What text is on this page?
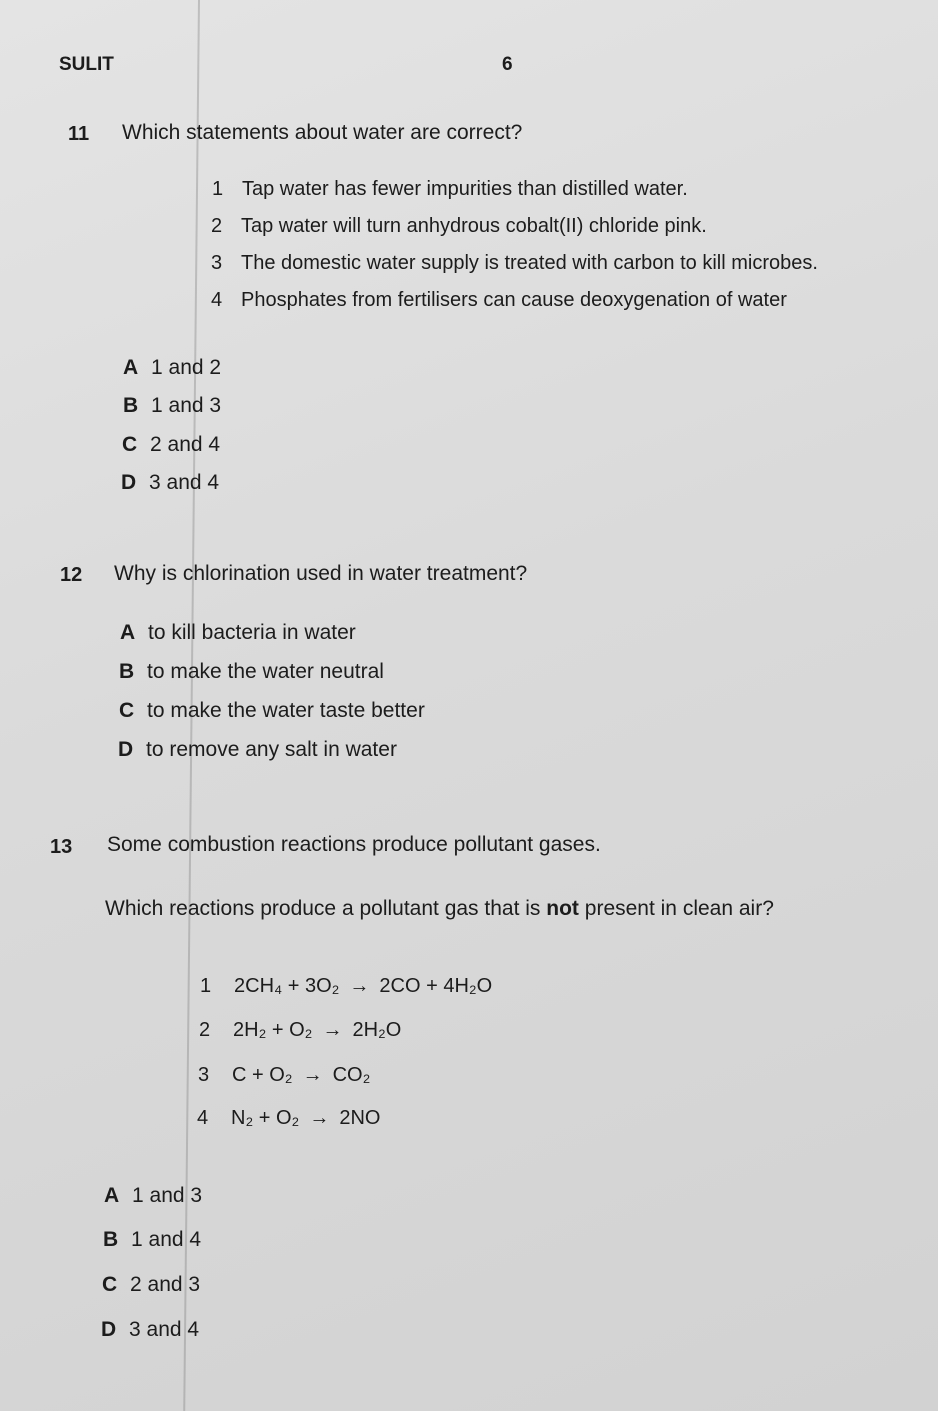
SULIT	6
11 Which statements about water are correct?
1 Tap water has fewer impurities than distilled water.
2 Tap water will turn anhydrous cobalt(II) chloride pink.
3 The domestic water supply is treated with carbon to kill microbes.
4 Phosphates from fertilisers can cause deoxygenation of water
A 1 and 2
B 1 and 3
C 2 and 4
D 3 and 4
12 Why is chlorination used in water treatment?
A to kill bacteria in water
B to make the water neutral
C to make the water taste better
D to remove any salt in water
13 Some combustion reactions produce pollutant gases.
Which reactions produce a pollutant gas that is not present in clean air?
1 2CH₄ + 3O₂ → 2CO + 4H₂O
2 2H₂ + O₂ → 2H₂O
3 C + O₂ → CO₂
4 N₂ + O₂ → 2NO
A 1 and 3
B 1 and 4
C 2 and 3
D 3 and 4
